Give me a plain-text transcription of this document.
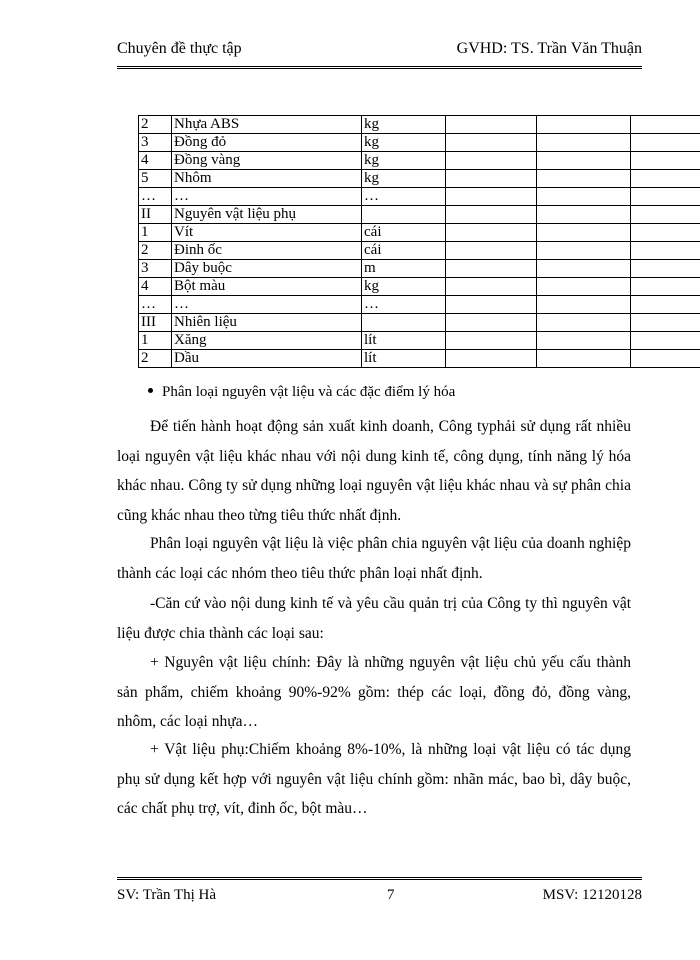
Chuyên đề thực tập	GVHD: TS. Trần Văn Thuận
2	Nhựa ABS	kg			
3	Đồng đỏ	kg			
4	Đồng vàng	kg			
5	Nhôm	kg			
…	…	…			
II	Nguyên vật liệu phụ				
1	Vít	cái			
2	Đinh ốc	cái			
3	Dây buộc	m			
4	Bột màu	kg			
…	…	…			
III	Nhiên liệu				
1	Xăng	lít			
2	Dầu	lít			
Phân loại nguyên vật liệu và các đặc điểm lý hóa
Để tiến hành hoạt động sản xuất kinh doanh, Công typhải sử dụng rất nhiều loại nguyên vật liệu khác nhau với nội dung kinh tế, công dụng, tính năng lý hóa khác nhau. Công ty sử dụng những loại nguyên vật liệu khác nhau và sự phân chia cũng khác nhau theo từng tiêu thức nhất định.
Phân loại nguyên vật liệu là việc phân chia nguyên vật liệu của doanh nghiệp thành các loại các nhóm theo tiêu thức phân loại nhất định.
-Căn cứ vào nội dung kinh tế và yêu cầu quản trị của Công ty thì nguyên vật liệu được chia thành các loại sau:
+ Nguyên vật liệu chính: Đây là những nguyên vật liệu chủ yếu cấu thành sản phẩm, chiếm khoảng 90%-92% gồm: thép các loại, đồng đỏ, đồng vàng, nhôm, các loại nhựa…
+ Vật liệu phụ:Chiếm khoảng 8%-10%, là những loại vật liệu có tác dụng phụ sử dụng kết hợp với nguyên vật liệu chính gồm: nhãn mác, bao bì, dây buộc, các chất phụ trợ, vít, đinh ốc, bột màu…
SV: Trần Thị Hà	7	MSV: 12120128
